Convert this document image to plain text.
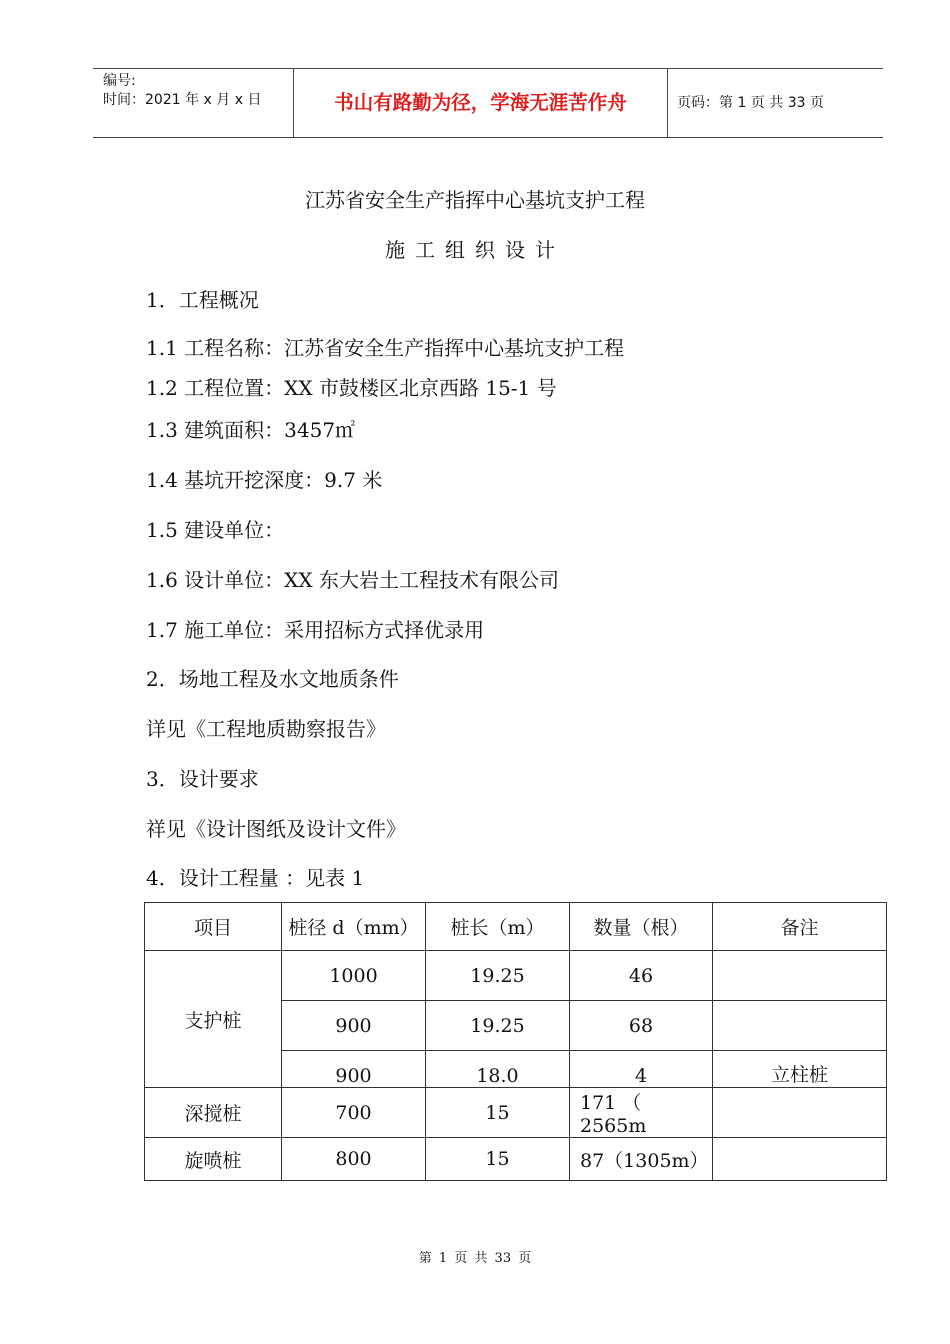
编号:
时间：2021 年 x 月 x 日	书山有路勤为径，学海无涯苦作舟	页码：第 1 页 共 33 页
江苏省安全生产指挥中心基坑支护工程
施工组织设计
1．工程概况
1.1 工程名称：江苏省安全生产指挥中心基坑支护工程
1.2 工程位置：XX 市鼓楼区北京西路 15-1 号
1.3 建筑面积：3457㎡
1.4 基坑开挖深度：9.7 米
1.5 建设单位：
1.6 设计单位：XX 东大岩土工程技术有限公司
1.7 施工单位：采用招标方式择优录用
2．场地工程及水文地质条件
详见《工程地质勘察报告》
3．设计要求
祥见《设计图纸及设计文件》
4．设计工程量 ：见表 1
项目	桩径 d（mm）	桩长（m）	数量（根）	备注
支护桩	1000	19.25	46	
	900	19.25	68	
	900	18.0	4	立柱桩
深搅桩	700	15	171 （ 2565m	
旋喷桩	800	15	87（1305m）	
第 1 页 共 33 页
